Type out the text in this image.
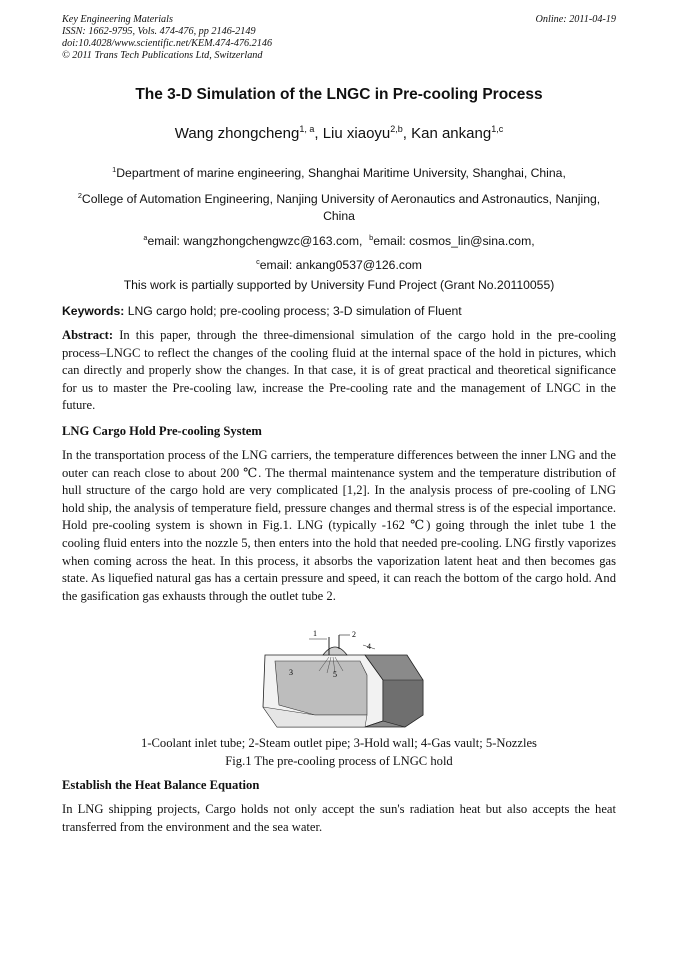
Key Engineering Materials
ISSN: 1662-9795, Vols. 474-476, pp 2146-2149
doi:10.4028/www.scientific.net/KEM.474-476.2146
© 2011 Trans Tech Publications Ltd, Switzerland
Online: 2011-04-19
The 3-D Simulation of the LNGC in Pre-cooling Process
Wang zhongcheng$^{1, a}$, Liu xiaoyu$^{2,b}$, Kan ankang$^{1,c}$
$^1$Department of marine engineering, Shanghai Maritime University, Shanghai, China,
$^2$College of Automation Engineering, Nanjing University of Aeronautics and Astronautics, Nanjing, China
$^a$email: wangzhongchengwzc@163.com, $^b$email: cosmos_lin@sina.com,
$^c$email: ankang0537@126.com
This work is partially supported by University Fund Project (Grant No.20110055)
Keywords: LNG cargo hold; pre-cooling process; 3-D simulation of Fluent
Abstract: In this paper, through the three-dimensional simulation of the cargo hold in the pre-cooling process–LNGC to reflect the changes of the cooling fluid at the internal space of the hold in pictures, which can directly and properly show the changes. In that case, it is of great practical and theoretical significance for us to master the Pre-cooling law, increase the Pre-cooling rate and the management of LNGC in the future.
LNG Cargo Hold Pre-cooling System
In the transportation process of the LNG carriers, the temperature differences between the inner LNG and the outer can reach close to about 200 ℃. The thermal maintenance system and the temperature distribution of hull structure of the cargo hold are very complicated [1,2]. In the analysis process of pre-cooling of LNG hold ship, the analysis of temperature field, pressure changes and thermal stress is of the especial importance. Hold pre-cooling system is shown in Fig.1. LNG (typically -162 ℃) going through the inlet tube 1 the cooling fluid enters into the nozzle 5, then enters into the hold that needed pre-cooling. LNG firstly vaporizes when coming across the heat. In this process, it absorbs the vaporization latent heat and then becomes gas state. As liquefied natural gas has a certain pressure and speed, it can reach the bottom of the cargo hold. And the gasification gas exhausts through the outlet tube 2.
1	2
3
4
5
1-Coolant inlet tube; 2-Steam outlet pipe; 3-Hold wall; 4-Gas vault; 5-Nozzles
Fig.1 The pre-cooling process of LNGC hold
Establish the Heat Balance Equation
In LNG shipping projects, Cargo holds not only accept the sun's radiation heat but also accepts the heat transferred from the environment and the sea water.
